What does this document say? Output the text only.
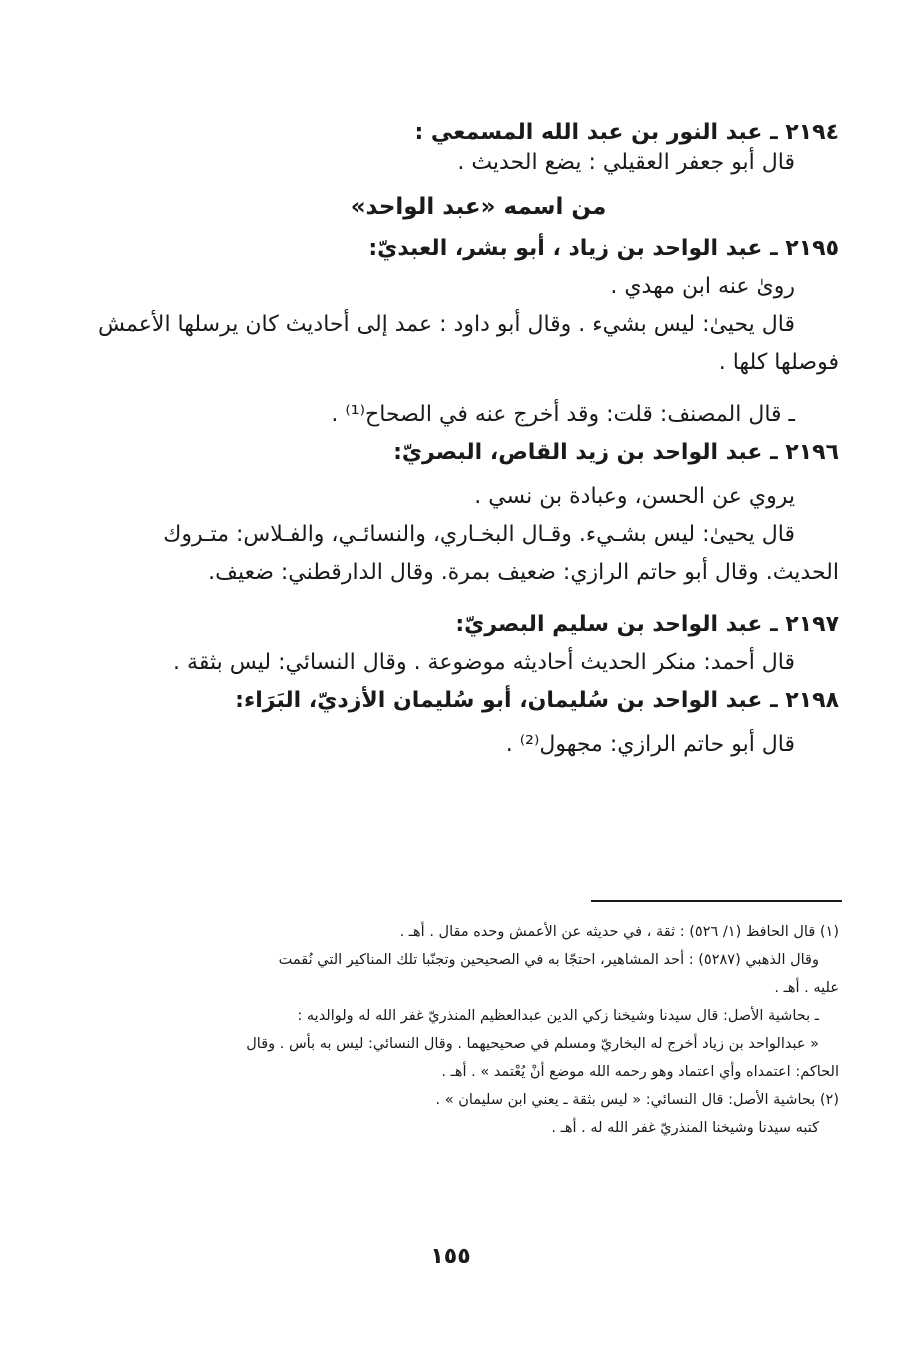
٢١٩٤ ـ عبد النور بن عبد الله المسمعي :
قال أبو جعفر العقيلي : يضع الحديث .
من اسمه «عبد الواحد»
٢١٩٥ ـ عبد الواحد بن زياد ، أبو بشر، العبديّ:
رویٰ عنه ابن مهدي .
قال يحيىٰ: ليس بشيء . وقال أبو داود : عمد إلى أحاديث كان يرسلها الأعمش
فوصلها كلها .
ـ قال المصنف: قلت: وقد أخرج عنه في الصحاح⁽¹⁾ .
٢١٩٦ ـ عبد الواحد بن زيد القاص، البصريّ:
يروي عن الحسن، وعبادة بن نسي .
قال يحيىٰ: ليس بشـيء. وقـال البخـاري، والنسائـي، والفـلاس: متـروك
الحديث. وقال أبو حاتم الرازي: ضعيف بمرة. وقال الدارقطني: ضعيف.
٢١٩٧ ـ عبد الواحد بن سليم البصريّ:
قال أحمد: منكر الحديث أحاديثه موضوعة . وقال النسائي: ليس بثقة .
٢١٩٨ ـ عبد الواحد بن سُليمان، أبو سُليمان الأزديّ، البَرَاء:
قال أبو حاتم الرازي: مجهول⁽²⁾ .
(١) قال الحافظ (١/ ٥٢٦) : ثقة ، في حديثه عن الأعمش وحده مقال . أهـ .
وقال الذهبي (٥٢٨٧) : أحد المشاهير، احتجّا به في الصحيحين وتجنّبا تلك المناكير التي نُقمت
عليه . أهـ .
ـ بحاشية الأصل: قال سيدنا وشيخنا زكي الدين عبدالعظيم المنذريّ غفر الله له ولوالديه :
« عبدالواحد بن زياد أخرج له البخاريّ ومسلم في صحيحيهما . وقال النسائي: ليس به بأس . وقال
الحاكم: اعتمداه وأي اعتماد وهو رحمه الله موضع أنْ يُعْتمد » . أهـ .
(٢) بحاشية الأصل: قال النسائي: « ليس بثقة ـ يعني ابن سليمان » .
كتبه سيدنا وشيخنا المنذريّ غفر الله له . أهـ .
١٥٥
